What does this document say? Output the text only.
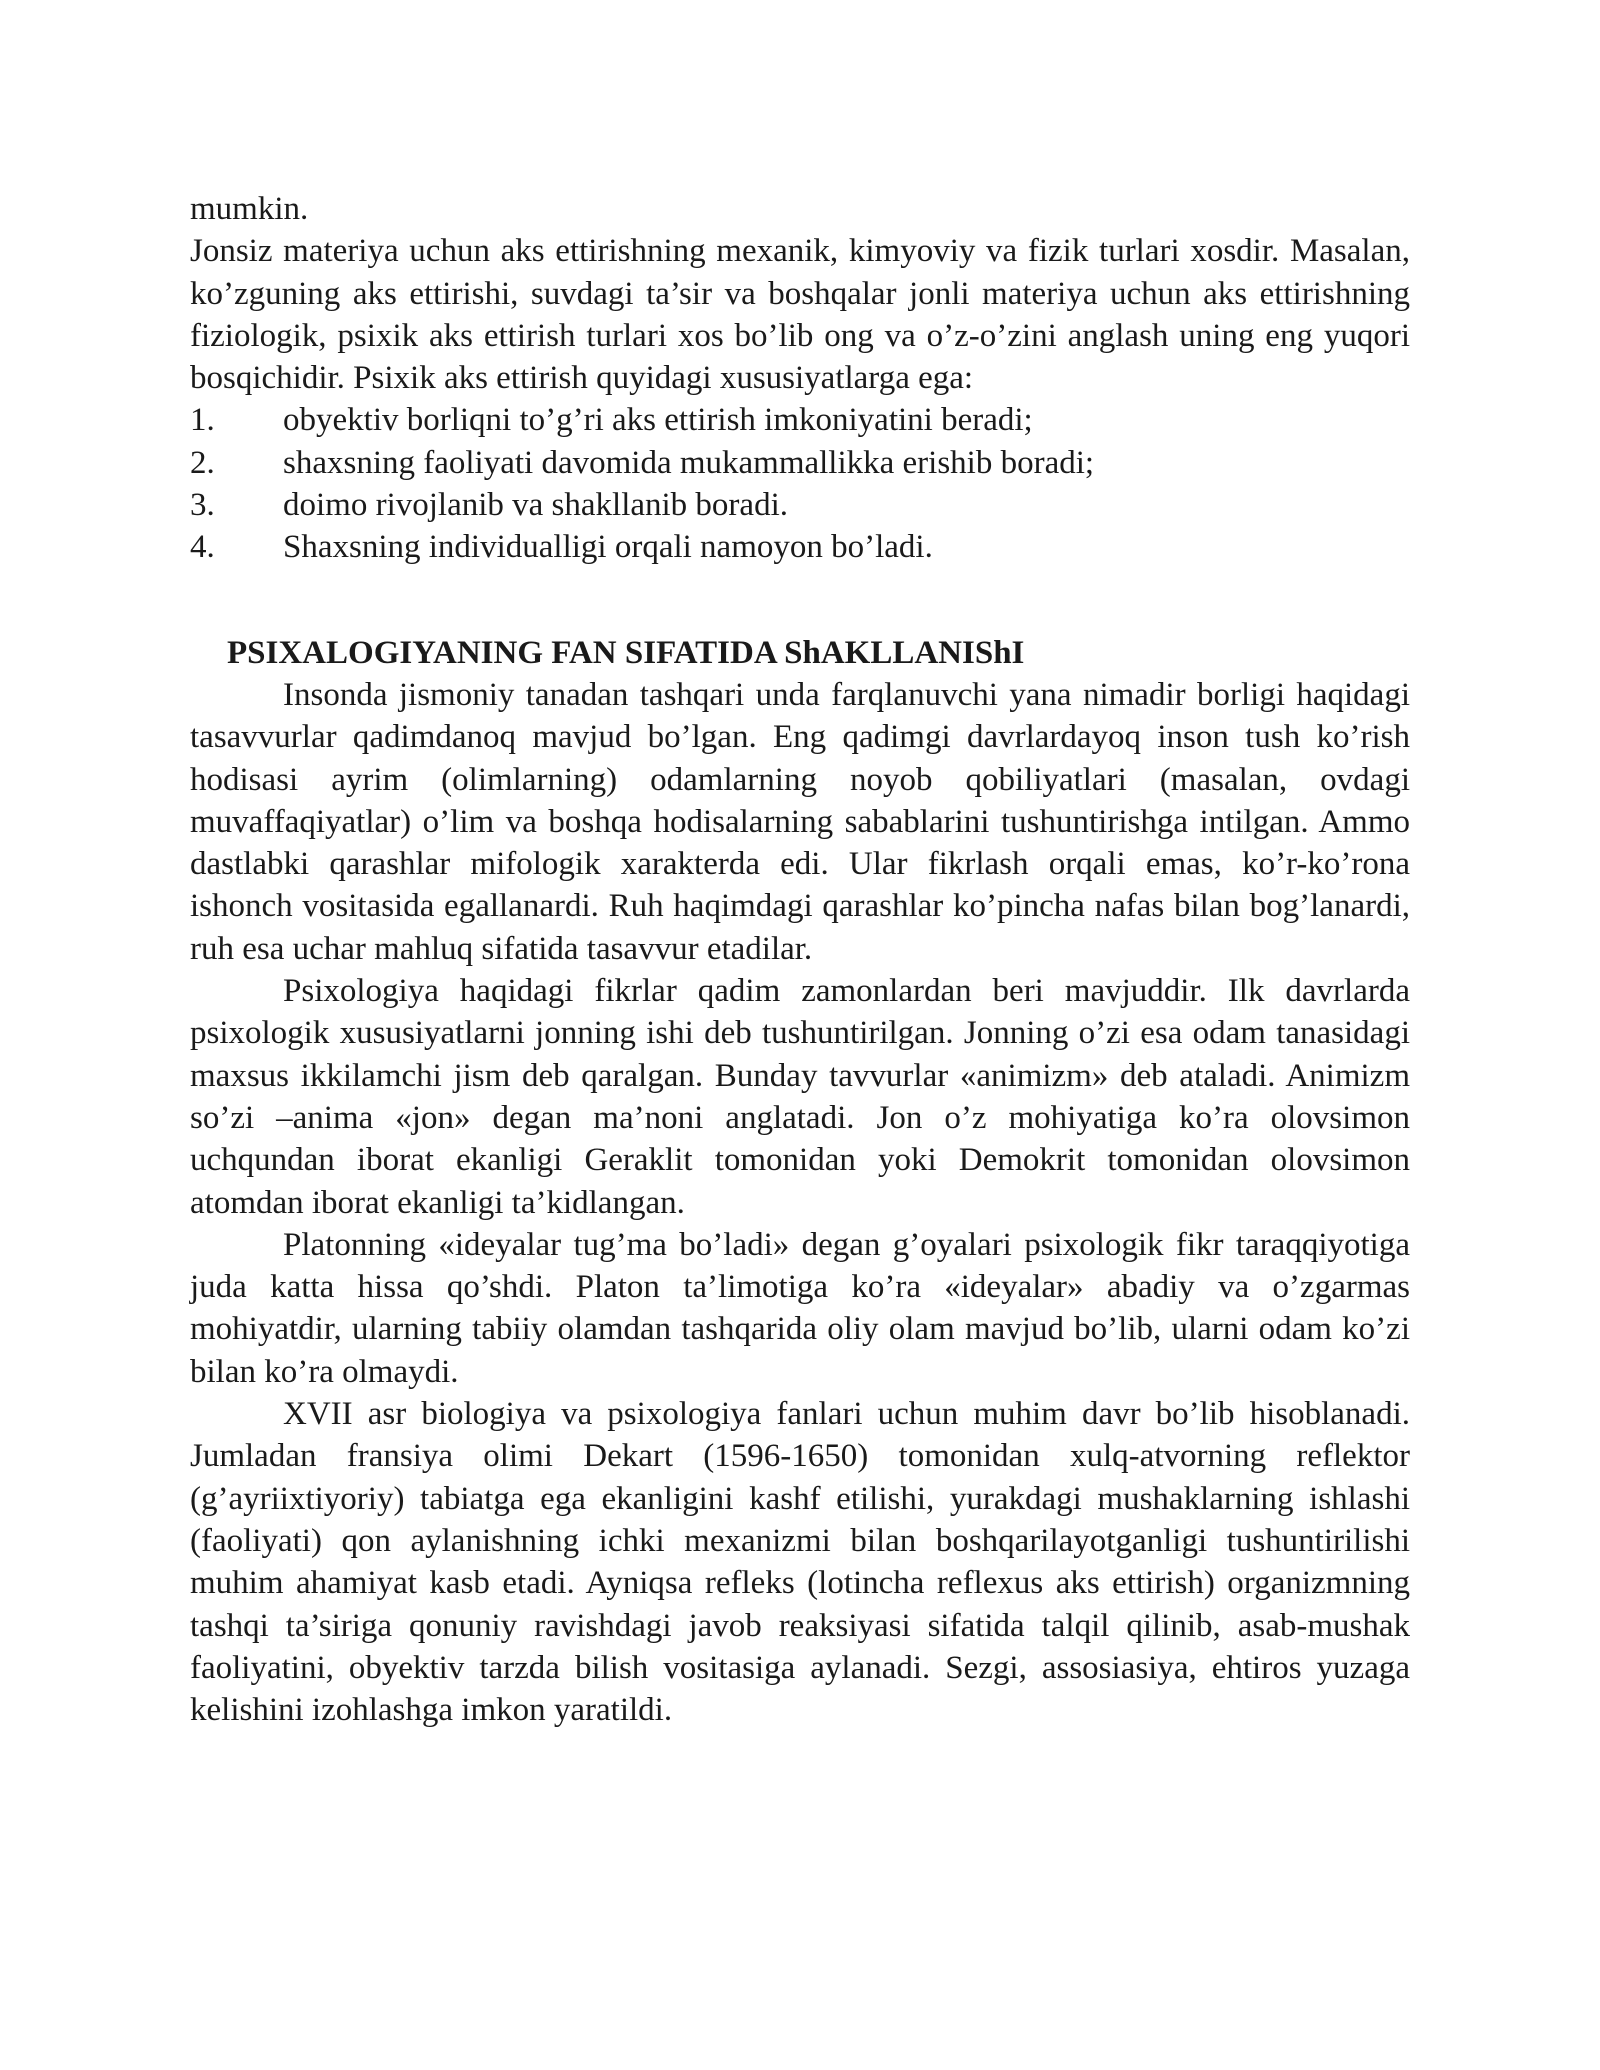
mumkin.

Jonsiz materiya uchun aks ettirishning mexanik, kimyoviy va fizik turlari xosdir. Masalan, ko’zguning aks ettirishi, suvdagi ta’sir va boshqalar jonli materiya uchun aks ettirishning fiziologik, psixik aks ettirish turlari xos bo’lib ong va o’z-o’zini anglash uning eng yuqori bosqichidir. Psixik aks ettirish quyidagi xususiyatlarga ega:

1.	obyektiv borliqni to’g’ri aks ettirish imkoniyatini beradi;
2.	shaxsning faoliyati davomida mukammallikka erishib boradi;
3.	doimo rivojlanib va shakllanib boradi.
4.	Shaxsning individualligi orqali namoyon bo’ladi.
PSIXALOGIYANING FAN SIFATIDA ShAKLLANIShI

Insonda jismoniy tanadan tashqari unda farqlanuvchi yana nimadir borligi haqidagi tasavvurlar qadimdanoq mavjud bo’lgan. Eng qadimgi davrlardayoq inson tush ko’rish hodisasi ayrim (olimlarning) odamlarning noyob qobiliyatlari (masalan, ovdagi muvaffaqiyatlar) o’lim va boshqa hodisalarning sabablarini tushuntirishga intilgan. Ammo dastlabki qarashlar mifologik xarakterda edi. Ular fikrlash orqali emas, ko’r-ko’rona ishonch vositasida egallanardi. Ruh haqimdagi qarashlar ko’pincha nafas bilan bog’lanardi, ruh esa uchar mahluq sifatida tasavvur etadilar.

Psixologiya haqidagi fikrlar qadim zamonlardan beri mavjuddir. Ilk davrlarda psixologik xususiyatlarni jonning ishi deb tushuntirilgan. Jonning o’zi esa odam tanasidagi maxsus ikkilamchi jism deb qaralgan. Bunday tavvurlar «animizm» deb ataladi. Animizm so’zi –anima «jon» degan ma’noni anglatadi. Jon o’z mohiyatiga ko’ra olovsimon uchqundan iborat ekanligi Geraklit tomonidan yoki Demokrit tomonidan olovsimon atomdan iborat ekanligi ta’kidlangan.

Platonning «ideyalar tug’ma bo’ladi» degan g’oyalari psixologik fikr taraqqiyotiga juda katta hissa qo’shdi. Platon ta’limotiga ko’ra «ideyalar» abadiy va o’zgarmas mohiyatdir, ularning tabiiy olamdan tashqarida oliy olam mavjud bo’lib, ularni odam ko’zi bilan ko’ra olmaydi.

XVII asr biologiya va psixologiya fanlari uchun muhim davr bo’lib hisoblanadi. Jumladan fransiya olimi Dekart (1596-1650) tomonidan xulq-atvorning reflektor (g’ayriixtiyoriy) tabiatga ega ekanligini kashf etilishi, yurakdagi mushaklarning ishlashi (faoliyati) qon aylanishning ichki mexanizmi bilan boshqarilayotganligi tushuntirilishi muhim ahamiyat kasb etadi. Ayniqsa refleks (lotincha reflexus aks ettirish) organizmning tashqi ta’siriga qonuniy ravishdagi javob reaksiyasi sifatida talqil qilinib, asab-mushak faoliyatini, obyektiv tarzda bilish vositasiga aylanadi. Sezgi, assosiasiya, ehtiros yuzaga kelishini izohlashga imkon yaratildi.
